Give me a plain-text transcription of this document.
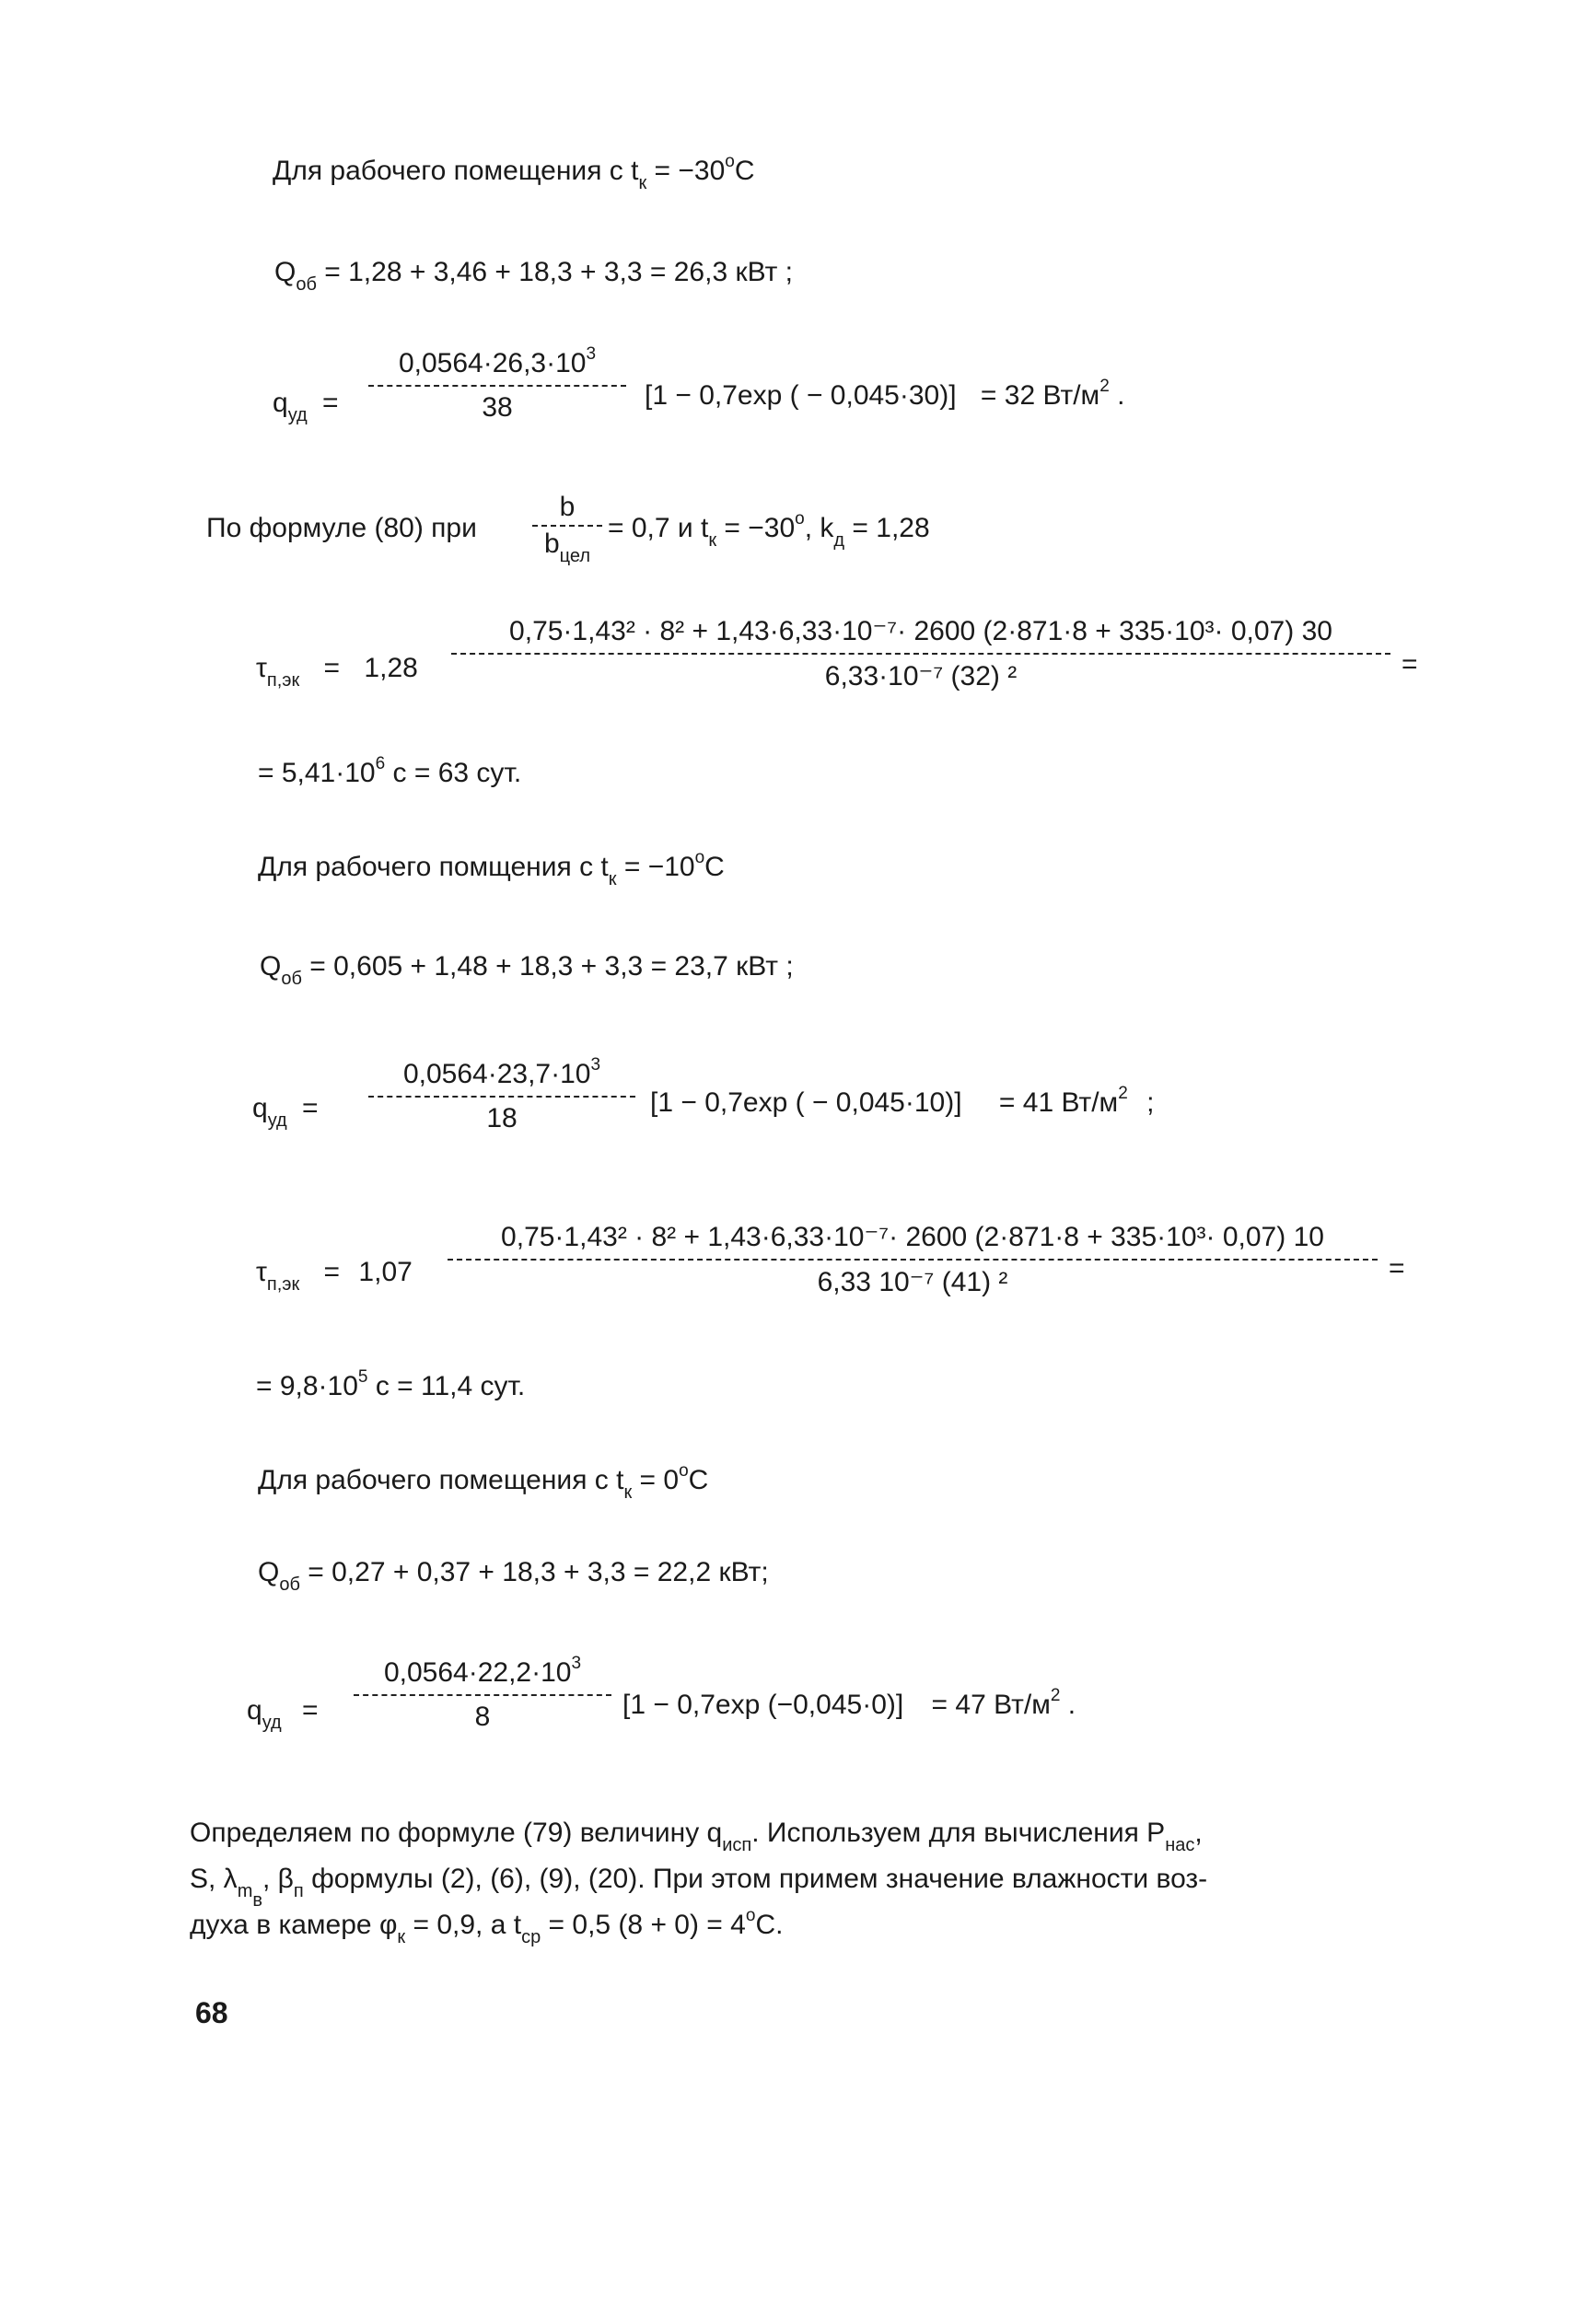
Для рабочего помещения с $t_к = -30^оС$
$Q_{об} = 1,28 + 3,46 + 18,3 + 3,3 = 26,3$ кВт ;
$q_{уд}$ =
$0,0564\cdot 26,3\cdot 10^3$
38	[1 − 0,7exp ( − 0,045·30)] = 32 $Вт/м^2$ .
По формуле (80) при
b
$b_{цел}$
= 0,7 и $t_к = -30^о$, $k_д = 1,28$
$\tau_{п,эк} = 1,28$
0,75·1,43² · 8² + 1,43·6,33·10⁻⁷· 2600 (2·871·8 + 335·10³· 0,07) 30
6,33·10⁻⁷ (32) ²	=
= $5,41\cdot 10^6$ с = 63 сут.
Для рабочего помщения с $t_к = -10^оС$
$Q_{об} = 0,605 + 1,48 + 18,3 + 3,3 = 23,7$ кВт ;
$q_{уд}$ =
$0,0564\cdot 23,7\cdot 10^3$
18
[1 − 0,7exp ( − 0,045·10)] = 41 $Вт/м^2$ ;
$\tau_{п,эк} = 1,07$
0,75·1,43² · 8² + 1,43·6,33·10⁻⁷· 2600 (2·871·8 + 335·10³· 0,07) 10
6,33 10⁻⁷ (41) ²	=
= $9,8\cdot 10^5$ с = 11,4 сут.
Для рабочего помещения с $t_к = 0^оС$
$Q_{об} = 0,27 + 0,37 + 18,3 + 3,3 = 22,2$ кВт;
$q_{уд}$ =
$0,0564\cdot 22,2\cdot 10^3$
8	[1 − 0,7exp (−0,045·0)] = 47 $Вт/м^2$ .
Определяем по формуле (79) величину $q_{исп}$. Используем для вычисления $P_{нас}$,
S, $\lambda_{m_в}$, $\beta_п$ формулы (2), (6), (9), (20). При этом примем значение влажности воз-
духа в камере $\varphi_к = 0,9$, а $t_{ср} = 0,5$ $(8 + 0) = 4^оС$.
68
